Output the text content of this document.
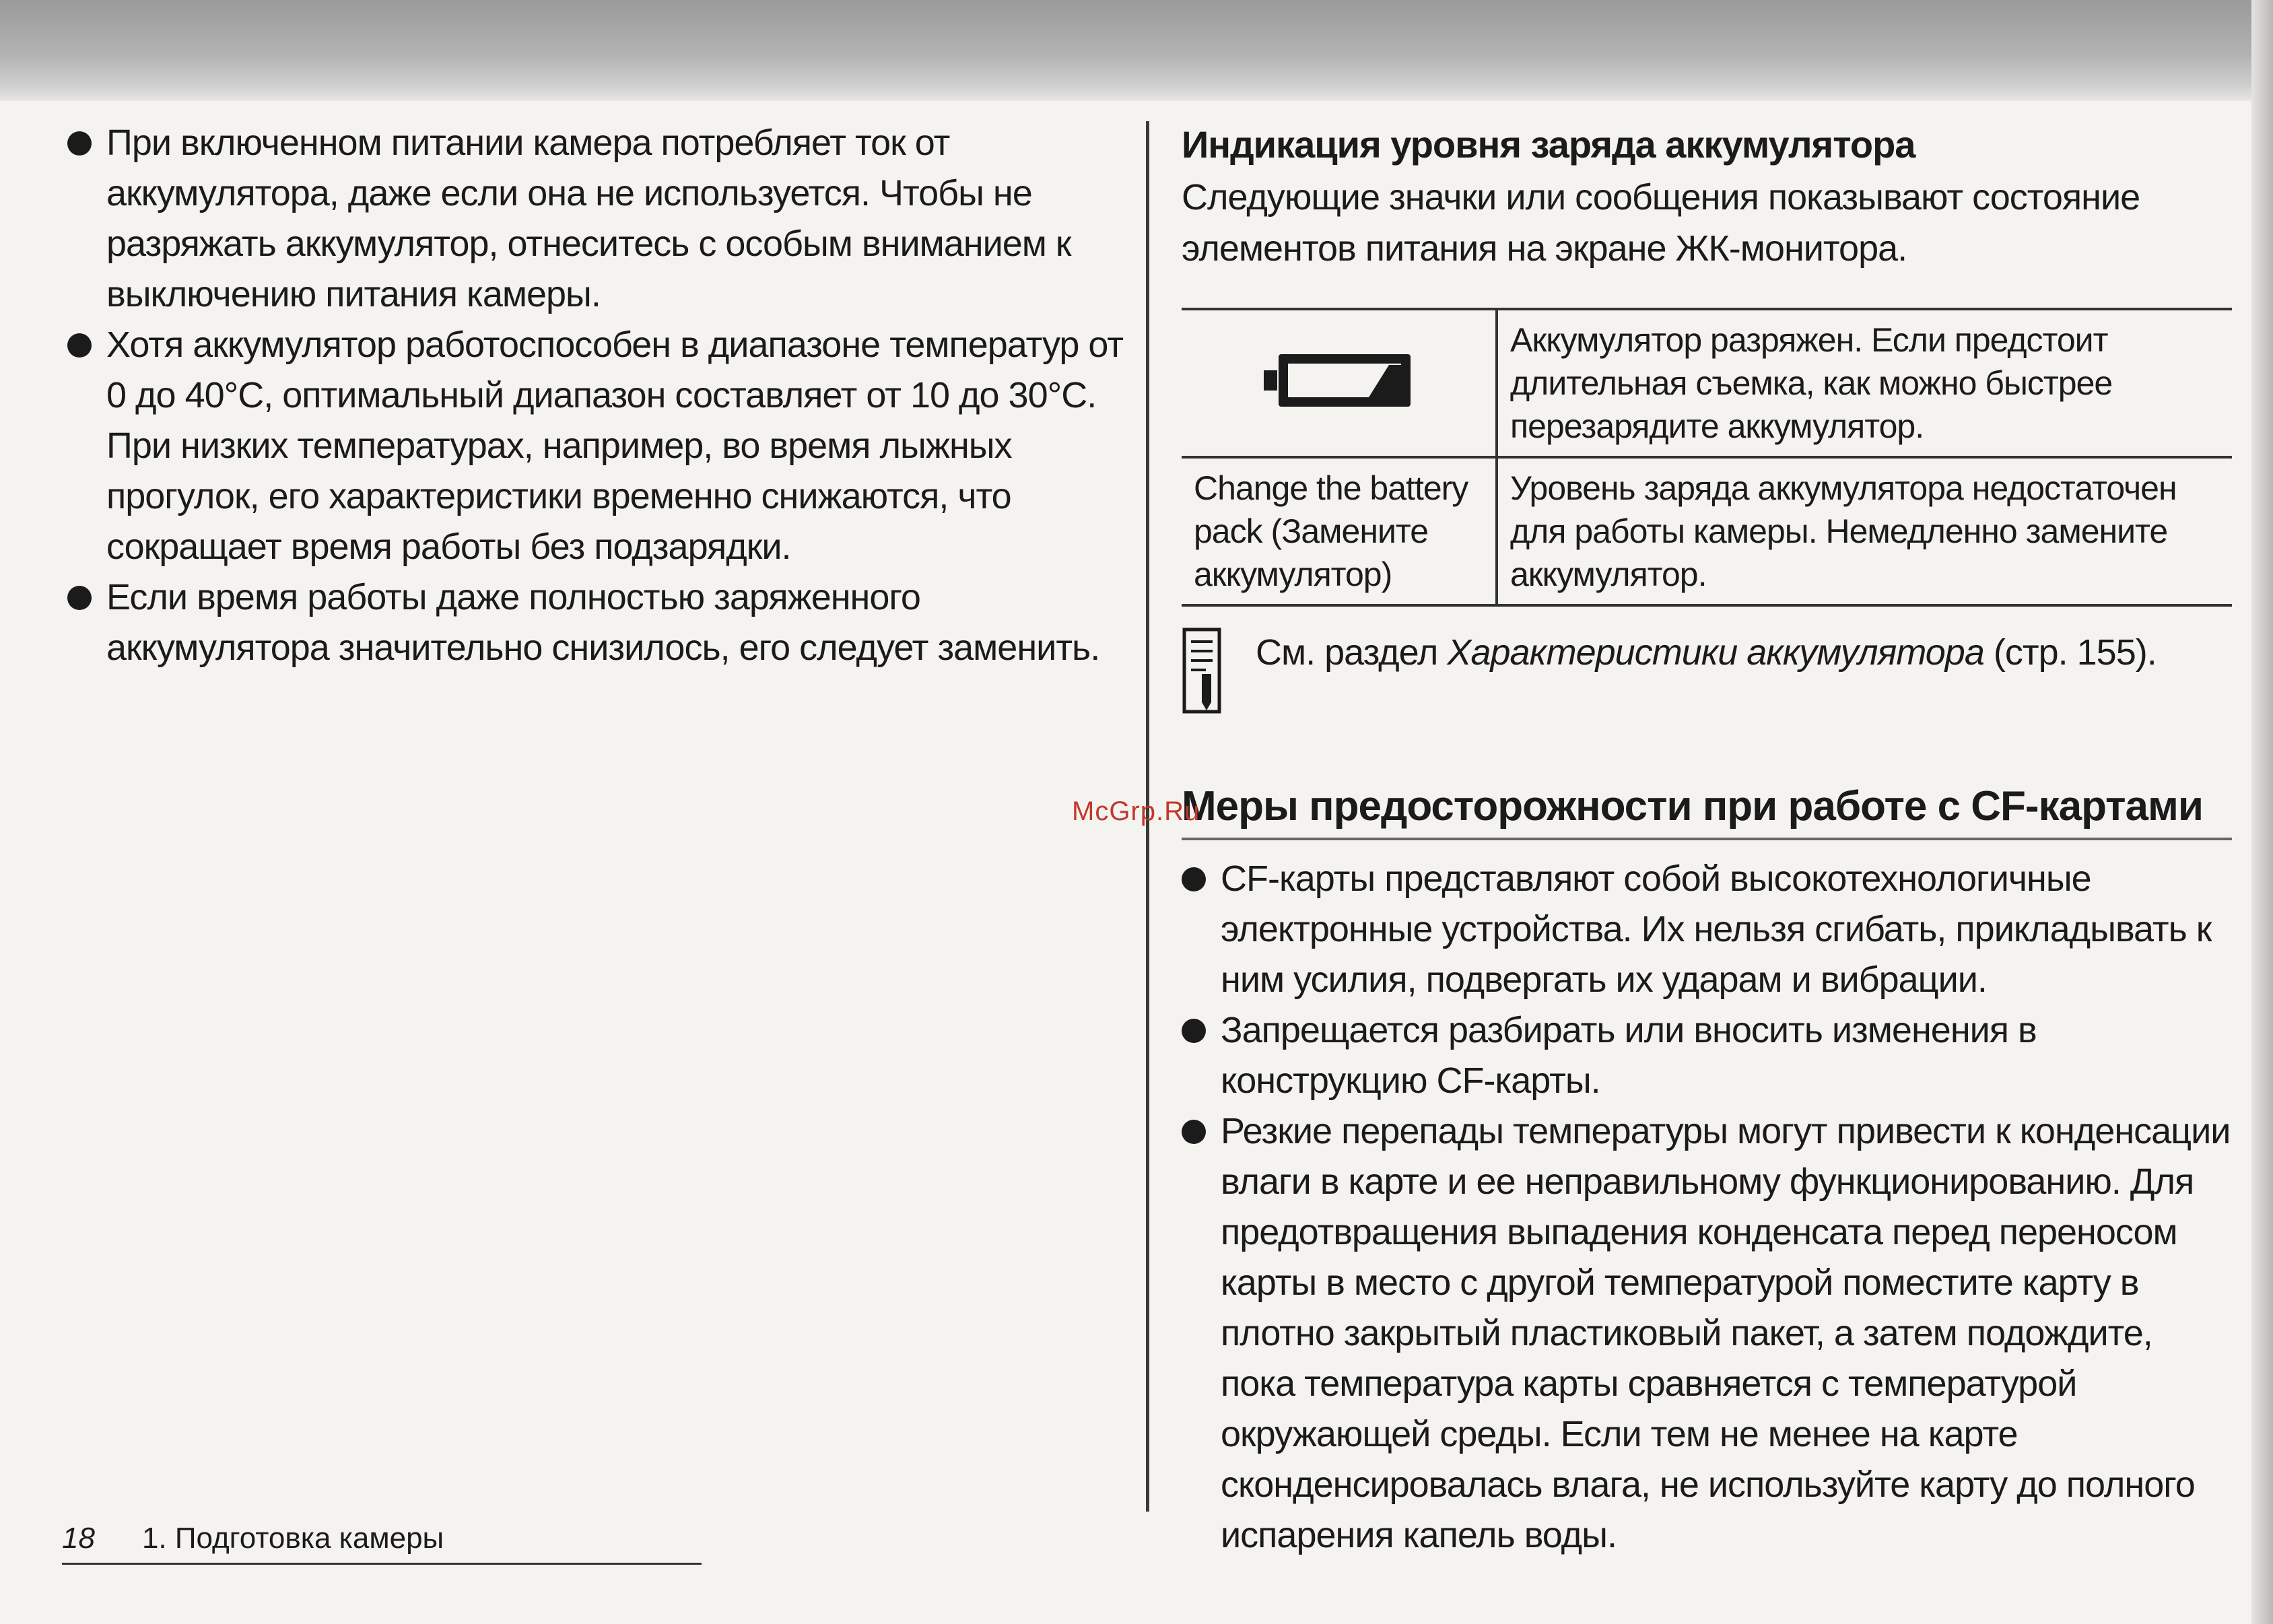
При включенном питании камера потребляет ток от аккумулятора, даже если она не используется. Чтобы не разряжать аккумулятор, отнеситесь с особым вниманием к выключению питания камеры.
Хотя аккумулятор работоспособен в диапазоне температур от 0 до 40°С, оптимальный диапазон составляет от 10 до 30°С. При низких температурах, например, во время лыжных прогулок, его характеристики временно снижаются, что сокращает время работы без подзарядки.
Если время работы даже полностью заряженного аккумулятора значительно снизилось, его следует заменить.
Индикация уровня заряда аккумулятора

Следующие значки или сообщения показывают состояние элементов питания на экране ЖК-монитора.

	Аккумулятор разряжен. Если предстоит длительная съемка, как можно быстрее перезарядите аккумулятор.
Change the battery pack (Замените аккумулятор)	Уровень заряда аккумулятора недостаточен для работы камеры. Немедленно замените аккумулятор.
См. раздел Характеристики аккумулятора (стр. 155).
Меры предосторожности при работе с CF-картами
CF-карты представляют собой высокотехнологичные электронные устройства. Их нельзя сгибать, прикладывать к ним усилия, подвергать их ударам и вибрации.
Запрещается разбирать или вносить изменения в конструкцию CF-карты.
Резкие перепады температуры могут привести к конденсации влаги в карте и ее неправильному функционированию. Для предотвращения выпадения конденсата перед переносом карты в место с другой температурой поместите карту в плотно закрытый пластиковый пакет, а затем подождите, пока температура карты сравняется с температурой окружающей среды. Если тем не менее на карте сконденсировалась влага, не используйте карту до полного испарения капель воды.
McGrp.Ru
18 1. Подготовка камеры
